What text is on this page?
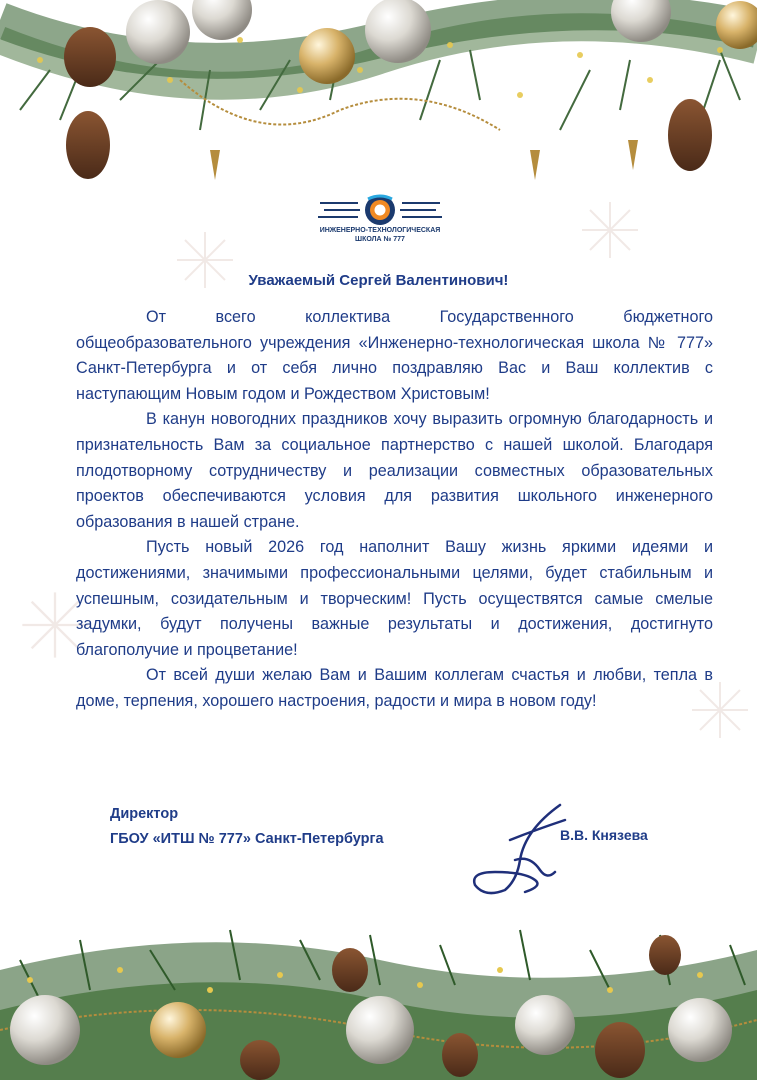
ИНЖЕНЕРНО-ТЕХНОЛОГИЧЕСКАЯ
ШКОЛА № 777
Уважаемый Сергей Валентинович!

От всего коллектива Государственного бюджетного общеобразовательного учреждения «Инженерно-технологическая школа № 777» Санкт-Петербурга и от себя лично поздравляю Вас и Ваш коллектив с наступающим Новым годом и Рождеством Христовым!

В канун новогодних праздников хочу выразить огромную благодарность и признательность Вам за социальное партнерство с нашей школой. Благодаря плодотворному сотрудничеству и реализации совместных образовательных проектов обеспечиваются условия для развития школьного инженерного образования в нашей стране.

Пусть новый 2026 год наполнит Вашу жизнь яркими идеями и достижениями, значимыми профессиональными целями, будет стабильным и успешным, созидательным и творческим! Пусть осуществятся самые смелые задумки, будут получены важные результаты и достижения, достигнуто благополучие и процветание!

От всей души желаю Вам и Вашим коллегам счастья и любви, тепла в доме, терпения, хорошего настроения, радости и мира в новом году!

Директор
ГБОУ «ИТШ № 777» Санкт-Петербурга	В.В. Князева
